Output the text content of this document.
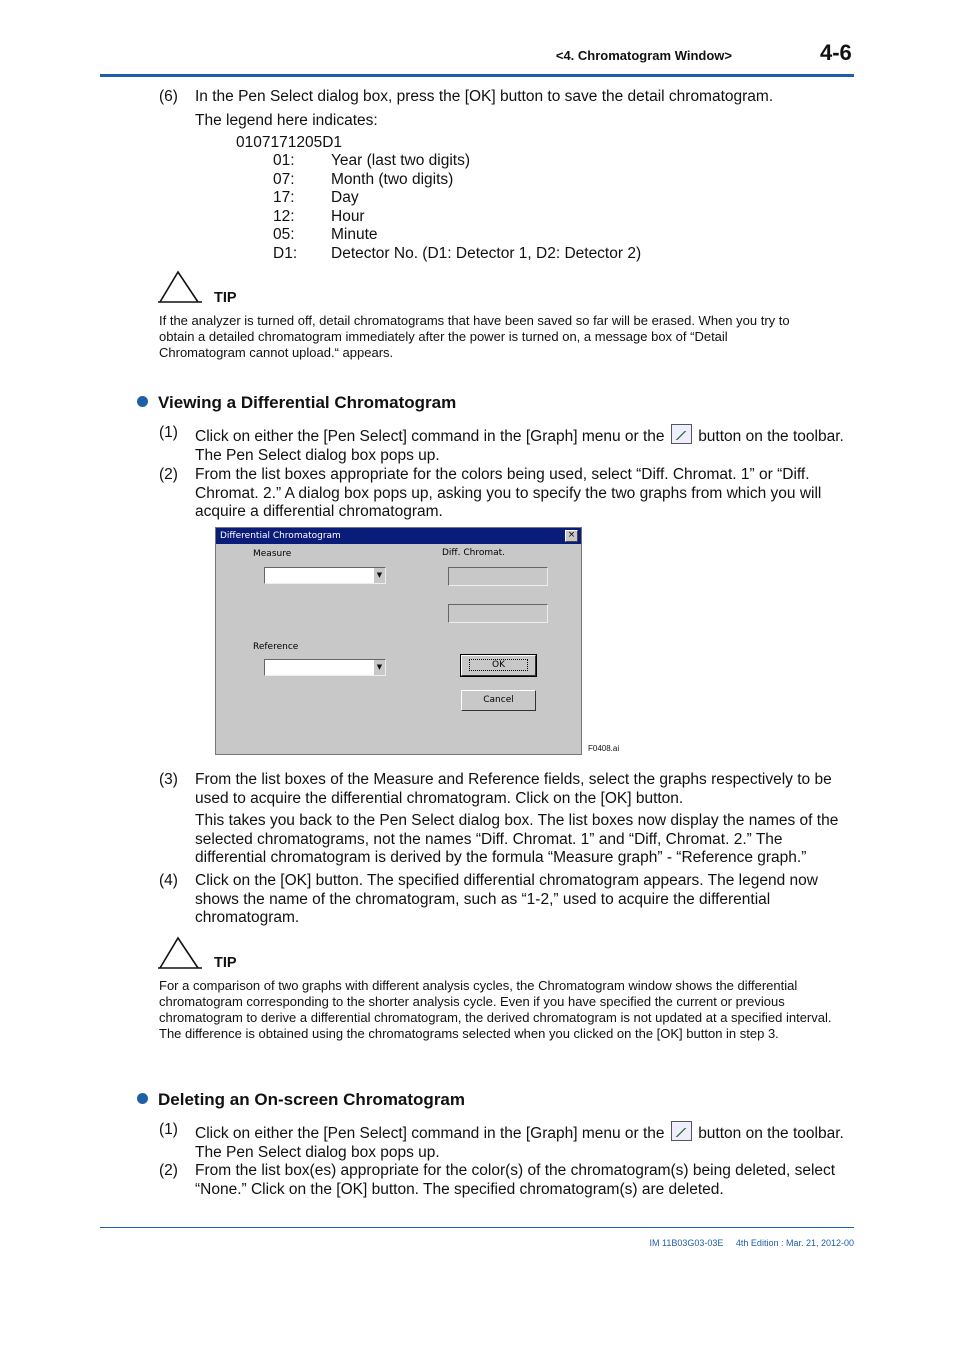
<4. Chromatogram Window>	4-6
(6) In the Pen Select dialog box, press the [OK] button to save the detail chromatogram.
The legend here indicates:
0107171205D1
01: Year (last two digits)
07: Month (two digits)
17: Day
12: Hour
05: Minute
D1: Detector No. (D1: Detector 1, D2: Detector 2)
TIP
If the analyzer is turned off, detail chromatograms that have been saved so far will be erased. When you try to obtain a detailed chromatogram immediately after the power is turned on, a message box of “Detail Chromatogram cannot upload.“ appears.
Viewing a Differential Chromatogram
(1) Click on either the [Pen Select] command in the [Graph] menu or the button on the toolbar. The Pen Select dialog box pops up.
(2) From the list boxes appropriate for the colors being used, select “Diff. Chromat. 1” or “Diff. Chromat. 2.” A dialog box pops up, asking you to specify the two graphs from which you will acquire a differential chromatogram.
Differential Chromatogram	×
Measure	Diff. Chromat.
▼
Reference
▼	OK
Cancel
F0408.ai
(3) From the list boxes of the Measure and Reference fields, select the graphs respectively to be used to acquire the differential chromatogram. Click on the [OK] button.
This takes you back to the Pen Select dialog box. The list boxes now display the names of the selected chromatograms, not the names “Diff. Chromat. 1” and “Diff, Chromat. 2.” The differential chromatogram is derived by the formula “Measure graph” - “Reference graph.”
(4) Click on the [OK] button. The specified differential chromatogram appears. The legend now shows the name of the chromatogram, such as “1-2,” used to acquire the differential chromatogram.
TIP
For a comparison of two graphs with different analysis cycles, the Chromatogram window shows the differential chromatogram corresponding to the shorter analysis cycle. Even if you have specified the current or previous chromatogram to derive a differential chromatogram, the derived chromatogram is not updated at a specified interval. The difference is obtained using the chromatograms selected when you clicked on the [OK] button in step 3.
Deleting an On-screen Chromatogram
(1) Click on either the [Pen Select] command in the [Graph] menu or the button on the toolbar. The Pen Select dialog box pops up.
(2) From the list box(es) appropriate for the color(s) of the chromatogram(s) being deleted, select “None.” Click on the [OK] button. The specified chromatogram(s) are deleted.
IM 11B03G03-03E 4th Edition : Mar. 21, 2012-00
